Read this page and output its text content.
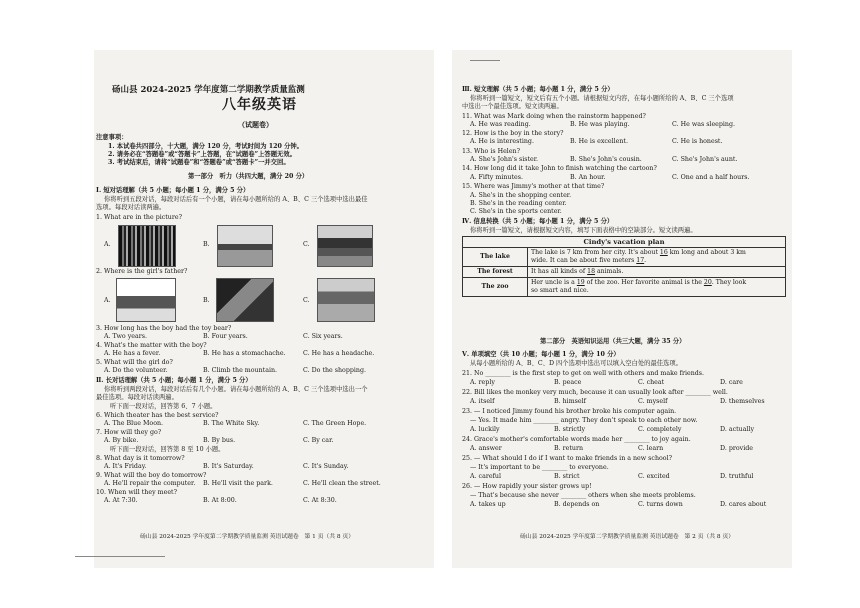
砀山县 2024-2025 学年度第二学期教学质量监测
八年级英语
（试题卷）
注意事项：
1. 本试卷共四部分，十大题，满分 120 分，考试时间为 120 分钟。
2. 请务必在“答题卷”或“答题卡”上答题，在“试题卷”上答题无效。
3. 考试结束后，请将“试题卷”和“答题卷”或“答题卡”一并交回。
第一部分　听力（共四大题，满分 20 分）
Ⅰ. 短对话理解（共 5 小题；每小题 1 分，满分 5 分）
你将听到五段对话，每段对话后有一个小题，请在每小题所给的 A、B、C 三个选项中选出最佳
选项。每段对话读两遍。
1. What are in the picture?
A.	B.	C.
2. Where is the girl's father?
A.	B.	C.
3. How long has the boy had the toy bear?
A. Two years.	B. Four years.	C. Six years.
4. What's the matter with the boy?
A. He has a fever.	B. He has a stomachache.	C. He has a headache.
5. What will the girl do?
A. Do the volunteer.	B. Climb the mountain.	C. Do the shopping.
Ⅱ. 长对话理解（共 5 小题；每小题 1 分，满分 5 分）
你将听到两段对话，每段对话后有几个小题。请在每小题所给的 A、B、C 三个选项中选出一个
最佳选项。每段对话读两遍。
听下面一段对话，回答第 6、7 小题。
6. Which theater has the best service?
A. The Blue Moon.	B. The White Sky.	C. The Green Hope.
7. How will they go?
A. By bike.	B. By bus.	C. By car.
听下面一段对话，回答第 8 至 10 小题。
8. What day is it tomorrow?
A. It's Friday.	B. It's Saturday.	C. It's Sunday.
9. What will the boy do tomorrow?
A. He'll repair the computer. B. He'll visit the park.	C. He'll clean the street.
10. When will they meet?
A. At 7:30.	B. At 8:00.	C. At 8:30.
砀山县 2024-2025 学年度第二学期教学质量监测 英语试题卷　第 1 页（共 8 页）
Ⅲ. 短文理解（共 5 小题；每小题 1 分，满分 5 分）
你将听到一篇短文，短文后有五个小题。请根据短文内容，在每小题所给的 A、B、C 三个选项
中选出一个最佳选项。短文读两遍。
11. What was Mark doing when the rainstorm happened?
A. He was reading.	B. He was playing.	C. He was sleeping.
12. How is the boy in the story?
A. He is interesting.	B. He is excellent.	C. He is honest.
13. Who is Helen?
A. She's John's sister.	B. She's John's cousin.	C. She's John's aunt.
14. How long did it take John to finish watching the cartoon?
A. Fifty minutes.	B. An hour.	C. One and a half hours.
15. Where was Jimmy's mother at that time?
A. She's in the shopping center.
B. She's in the reading center.
C. She's in the sports center.
Ⅳ. 信息转换（共 5 小题；每小题 1 分，满分 5 分）
你将听到一篇短文，请根据短文内容，填写下面表格中的空缺部分。短文读两遍。
Cindy's vacation plan	
The lake	The lake is 7 km from her city. It's about 16 km long and about 3 km
wide. It can be about five meters 17.
The forest	It has all kinds of 18 animals.
The zoo	Her uncle is a 19 of the zoo. Her favorite animal is the 20. They look
so smart and nice.
第二部分　英语知识运用（共三大题，满分 35 分）
Ⅴ. 单项填空（共 10 小题；每小题 1 分，满分 10 分）
从每小题所给的 A、B、C、D 四个选项中选出可以填入空白处的最佳选项。
21. No ________ is the first step to get on well with others and make friends.
A. reply	B. peace	C. cheat	D. care
22. Bill likes the monkey very much, because it can usually look after ________ well.
A. itself	B. himself	C. myself	D. themselves
23. — I noticed Jimmy found his brother broke his computer again.
— Yes. It made him ________ angry. They don't speak to each other now.
A. luckily	B. strictly	C. completely	D. actually
24. Grace's mother's comfortable words made her ________ to joy again.
A. answer	B. return	C. learn	D. provide
25. — What should I do if I want to make friends in a new school?
— It's important to be ________ to everyone.
A. careful	B. strict	C. excited	D. truthful
26. — How rapidly your sister grows up!
— That's because she never ________ others when she meets problems.
A. takes up	B. depends on	C. turns down	D. cares about
砀山县 2024-2025 学年度第二学期教学质量监测 英语试题卷　第 2 页（共 8 页）
